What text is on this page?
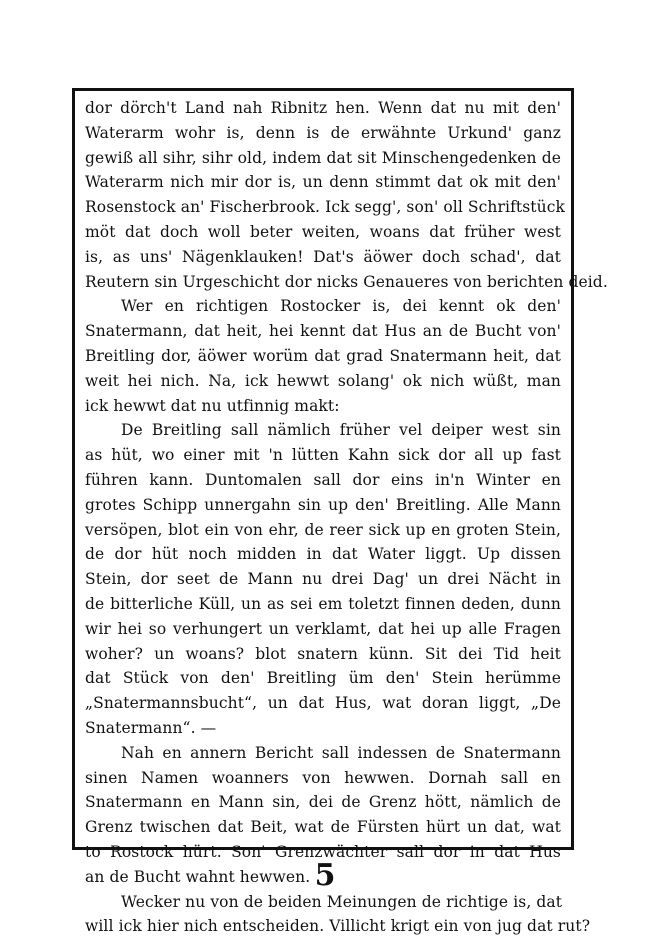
dor dörch't Land nah Ribnitz hen. Wenn dat nu mit den'
Waterarm wohr is, denn is de erwähnte Urkund' ganz
gewiß all sihr, sihr old, indem dat sit Minschengedenken de
Waterarm nich mir dor is, un denn stimmt dat ok mit den'
Rosenstock an' Fischerbrook. Ick segg', son' oll Schriftstück
möt dat doch woll beter weiten, woans dat früher west
is, as uns' Nägenklauken! Dat's äöwer doch schad', dat
Reutern sin Urgeschicht dor nicks Genaueres von berichten deid.
Wer en richtigen Rostocker is, dei kennt ok den'
Snatermann, dat heit, hei kennt dat Hus an de Bucht von'
Breitling dor, äöwer worüm dat grad Snatermann heit, dat
weit hei nich. Na, ick hewwt solang' ok nich wüßt, man
ick hewwt dat nu utfinnig makt:
De Breitling sall nämlich früher vel deiper west sin
as hüt, wo einer mit 'n lütten Kahn sick dor all up fast
führen kann. Duntomalen sall dor eins in'n Winter en
grotes Schipp unnergahn sin up den' Breitling. Alle Mann
versöpen, blot ein von ehr, de reer sick up en groten Stein,
de dor hüt noch midden in dat Water liggt. Up dissen
Stein, dor seet de Mann nu drei Dag' un drei Nächt in
de bitterliche Küll, un as sei em toletzt finnen deden, dunn
wir hei so verhungert un verklamt, dat hei up alle Fragen
woher? un woans? blot snatern künn. Sit dei Tid heit
dat Stück von den' Breitling üm den' Stein herümme
„Snatermannsbucht“, un dat Hus, wat doran liggt, „De
Snatermann“. —
Nah en annern Bericht sall indessen de Snatermann
sinen Namen woanners von hewwen. Dornah sall en
Snatermann en Mann sin, dei de Grenz hött, nämlich de
Grenz twischen dat Beit, wat de Fürsten hürt un dat, wat
to Rostock hürt. Son' Grenzwächter sall dor in dat Hus
an de Bucht wahnt hewwen.
Wecker nu von de beiden Meinungen de richtige is, dat
will ick hier nich entscheiden. Villicht krigt ein von jug dat rut?
5
